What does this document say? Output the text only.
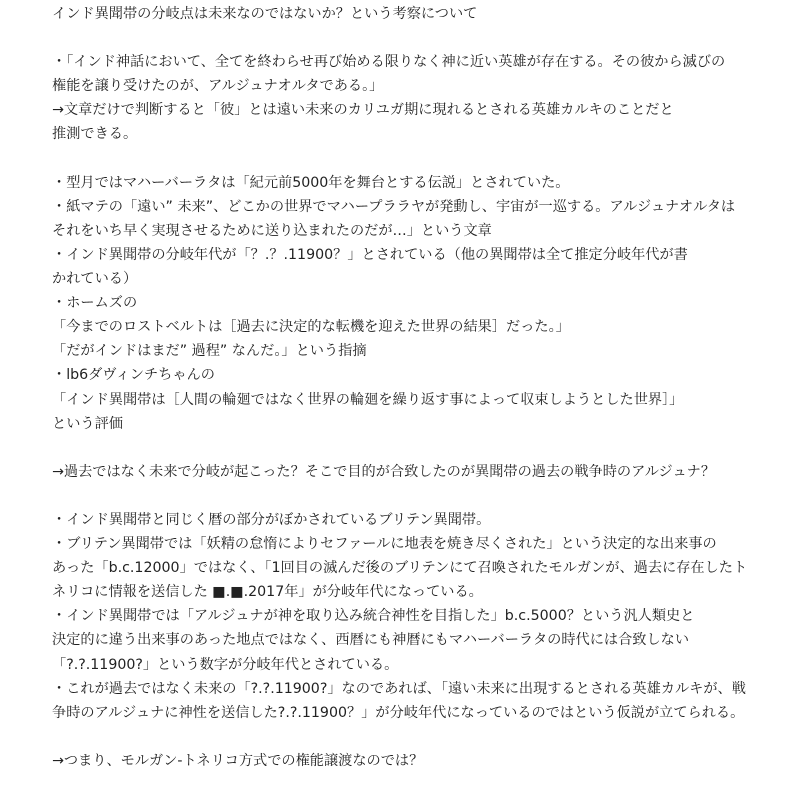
インド異聞帯の分岐点は未来なのではないか？という考察について
・「インド神話において、全てを終わらせ再び始める限りなく神に近い英雄が存在する。その彼から滅びの
権能を譲り受けたのが、アルジュナオルタである。」
→文章だけで判断すると「彼」とは遠い未来のカリユガ期に現れるとされる英雄カルキのことだと
推測できる。
・型月ではマハーバーラタは「紀元前5000年を舞台とする伝説」とされていた。
・紙マテの「遠い” 未来”、どこかの世界でマハープララヤが発動し、宇宙が一巡する。アルジュナオルタは
それをいち早く実現させるために送り込まれたのだが…」という文章
・インド異聞帯の分岐年代が「？.？.11900？」とされている（他の異聞帯は全て推定分岐年代が書
かれている）
・ホームズの
「今までのロストベルトは［過去に決定的な転機を迎えた世界の結果］だった。」
「だがインドはまだ” 過程” なんだ。」という指摘
・lb6ダヴィンチちゃんの
「インド異聞帯は［人間の輪廻ではなく世界の輪廻を繰り返す事によって収束しようとした世界］」
という評価
→過去ではなく未来で分岐が起こった？そこで目的が合致したのが異聞帯の過去の戦争時のアルジュナ？
・インド異聞帯と同じく暦の部分がぼかされているブリテン異聞帯。
・ブリテン異聞帯では「妖精の怠惰によりセファールに地表を焼き尽くされた」という決定的な出来事の
あった「b.c.12000」ではなく、「1回目の滅んだ後のブリテンにて召喚されたモルガンが、過去に存在したト
ネリコに情報を送信した ■.■.2017年」が分岐年代になっている。
・インド異聞帯では「アルジュナが神を取り込み統合神性を目指した」b.c.5000？という汎人類史と
決定的に違う出来事のあった地点ではなく、西暦にも神暦にもマハーバーラタの時代には合致しない
「?.?.11900?」という数字が分岐年代とされている。
・これが過去ではなく未来の「?.?.11900?」なのであれば、「遠い未来に出現するとされる英雄カルキが、戦
争時のアルジュナに神性を送信した?.?.11900？」が分岐年代になっているのではという仮説が立てられる。
→つまり、モルガン-トネリコ方式での権能譲渡なのでは？
